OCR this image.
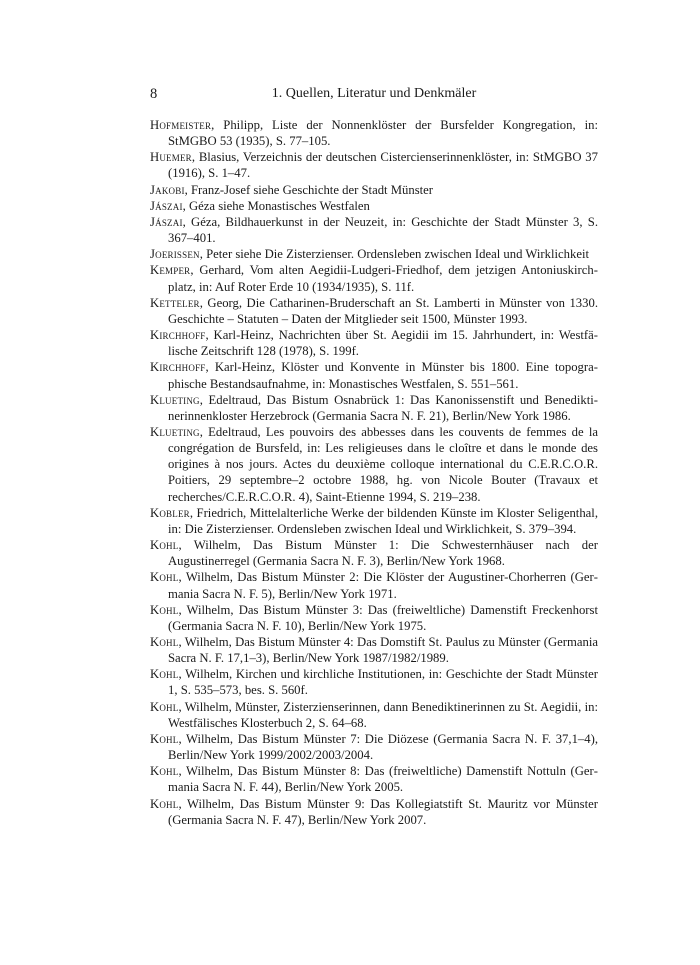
8	1. Quellen, Literatur und Denkmäler

Hofmeister, Philipp, Liste der Nonnenklöster der Bursfelder Kongregation, in: StMGBO 53 (1935), S. 77–105.

Huemer, Blasius, Verzeichnis der deutschen Cistercienserinnenklöster, in: StMGBO 37 (1916), S. 1–47.

Jakobi, Franz-Josef siehe Geschichte der Stadt Münster

Jászai, Géza siehe Monastisches Westfalen

Jászai, Géza, Bildhauerkunst in der Neuzeit, in: Geschichte der Stadt Münster 3, S. 367–401.

Joerissen, Peter siehe Die Zisterzienser. Ordensleben zwischen Ideal und Wirklichkeit

Kemper, Gerhard, Vom alten Aegidii-Ludgeri-Friedhof, dem jetzigen Antoniuskirchplatz, in: Auf Roter Erde 10 (1934/1935), S. 11f.

Ketteler, Georg, Die Catharinen-Bruderschaft an St. Lamberti in Münster von 1330. Geschichte – Statuten – Daten der Mitglieder seit 1500, Münster 1993.

Kirchhoff, Karl-Heinz, Nachrichten über St. Aegidii im 15. Jahrhundert, in: Westfälische Zeitschrift 128 (1978), S. 199f.

Kirchhoff, Karl-Heinz, Klöster und Konvente in Münster bis 1800. Eine topographische Bestandsaufnahme, in: Monastisches Westfalen, S. 551–561.

Klueting, Edeltraud, Das Bistum Osnabrück 1: Das Kanonissenstift und Benediktinerinnenkloster Herzebrock (Germania Sacra N. F. 21), Berlin/New York 1986.

Klueting, Edeltraud, Les pouvoirs des abbesses dans les couvents de femmes de la congrégation de Bursfeld, in: Les religieuses dans le cloître et dans le monde des origines à nos jours. Actes du deuxième colloque international du C.E.R.C.O.R. Poitiers, 29 septembre–2 octobre 1988, hg. von Nicole Bouter (Travaux et recherches/C.E.R.C.O.R. 4), Saint-Etienne 1994, S. 219–238.

Kobler, Friedrich, Mittelalterliche Werke der bildenden Künste im Kloster Seligenthal, in: Die Zisterzienser. Ordensleben zwischen Ideal und Wirklichkeit, S. 379–394.

Kohl, Wilhelm, Das Bistum Münster 1: Die Schwesternhäuser nach der Augustinerregel (Germania Sacra N. F. 3), Berlin/New York 1968.

Kohl, Wilhelm, Das Bistum Münster 2: Die Klöster der Augustiner-Chorherren (Germania Sacra N. F. 5), Berlin/New York 1971.

Kohl, Wilhelm, Das Bistum Münster 3: Das (freiweltliche) Damenstift Freckenhorst (Germania Sacra N. F. 10), Berlin/New York 1975.

Kohl, Wilhelm, Das Bistum Münster 4: Das Domstift St. Paulus zu Münster (Germania Sacra N. F. 17,1–3), Berlin/New York 1987/1982/1989.

Kohl, Wilhelm, Kirchen und kirchliche Institutionen, in: Geschichte der Stadt Münster 1, S. 535–573, bes. S. 560f.

Kohl, Wilhelm, Münster, Zisterzienserinnen, dann Benediktinerinnen zu St. Aegidii, in: Westfälisches Klosterbuch 2, S. 64–68.

Kohl, Wilhelm, Das Bistum Münster 7: Die Diözese (Germania Sacra N. F. 37,1–4), Berlin/New York 1999/2002/2003/2004.

Kohl, Wilhelm, Das Bistum Münster 8: Das (freiweltliche) Damenstift Nottuln (Germania Sacra N. F. 44), Berlin/New York 2005.

Kohl, Wilhelm, Das Bistum Münster 9: Das Kollegiatstift St. Mauritz vor Münster (Germania Sacra N. F. 47), Berlin/New York 2007.
